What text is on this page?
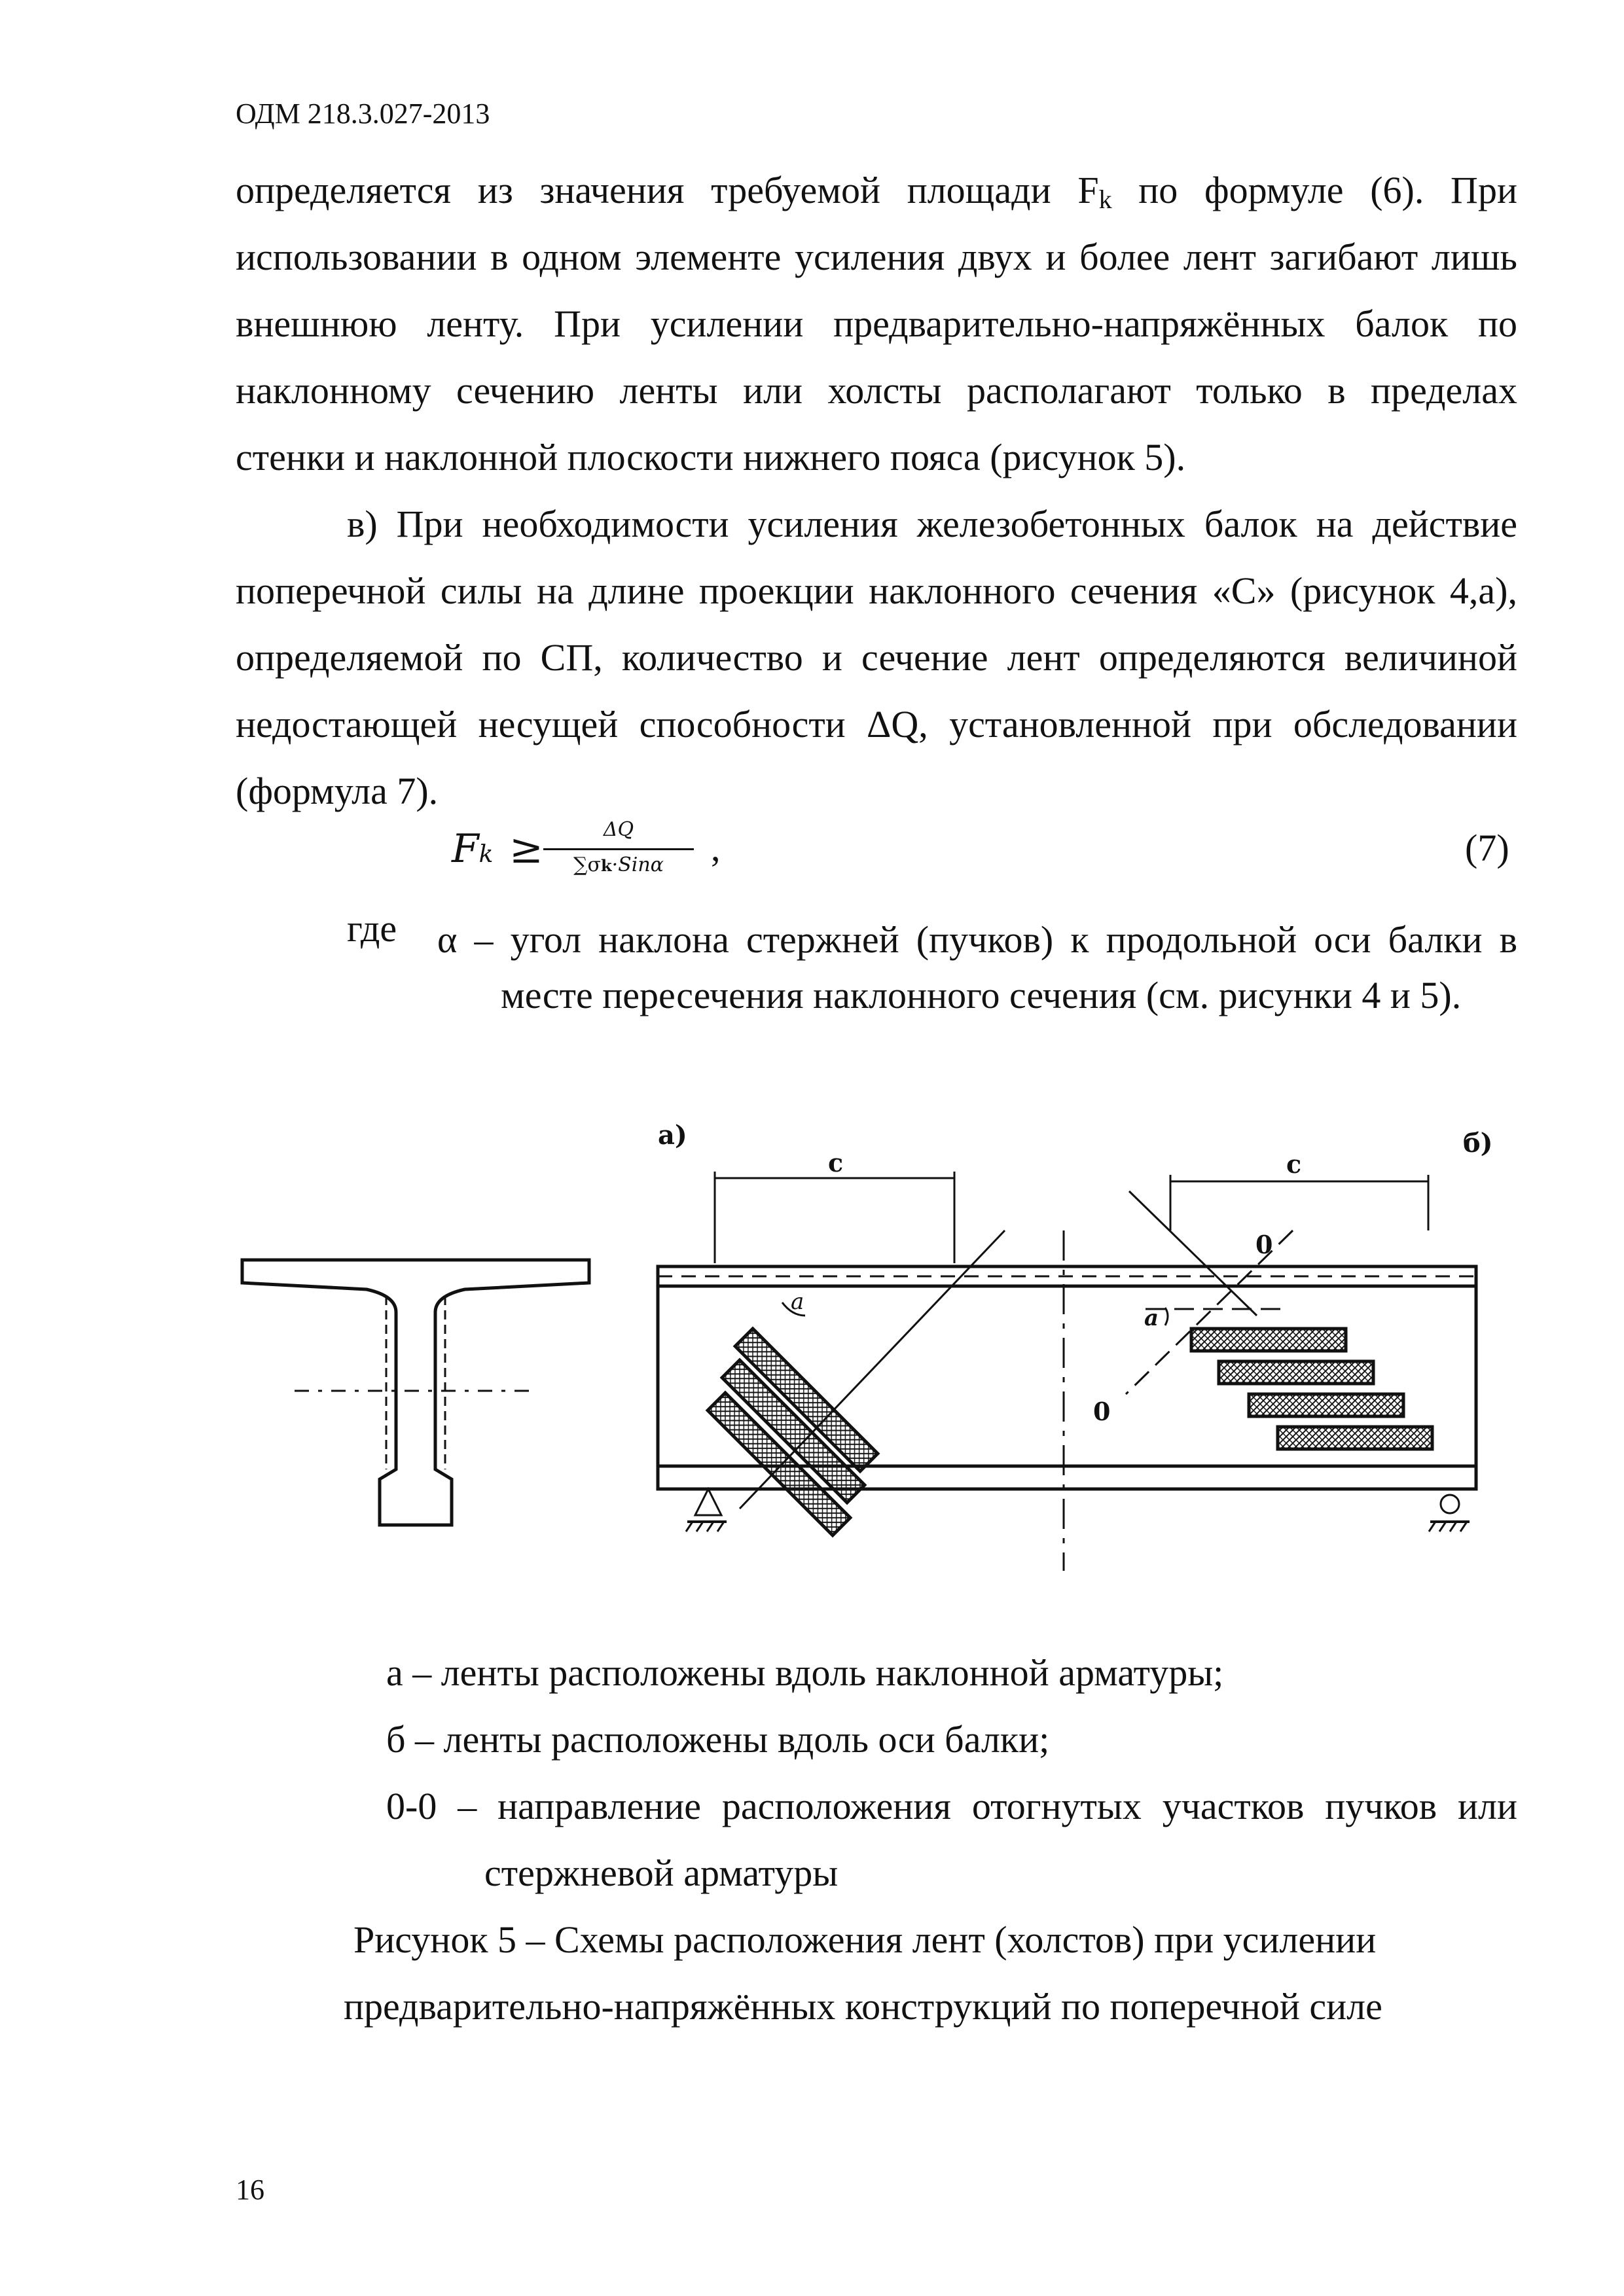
ОДМ 218.3.027-2013

определяется из значения требуемой площади $F_k$ по формуле (6). При

использовании в одном элементе усиления двух и более лент загибают лишь

внешнюю ленту. При усилении предварительно-напряжённых балок по

наклонному сечению ленты или холсты располагают только в пределах

стенки и наклонной плоскости нижнего пояса (рисунок 5).

в) При необходимости усиления железобетонных балок на действие

поперечной силы на длине проекции наклонного сечения «С» (рисунок 4,а),

определяемой по СП, количество и сечение лент определяются величиной

недостающей несущей способности ΔQ, установленной при обследовании

(формула 7).

Fk ≥	ΔQ
∑σk·Sinα	,	(7)
где α – угол наклона стержней (пучков) к продольной оси балки в

месте пересечения наклонного сечения (см. рисунки 4 и 5).

а)	б)
с	с
0
0
a
a

а – ленты расположены вдоль наклонной арматуры;

б – ленты расположены вдоль оси балки;

0-0 – направление расположения отогнутых участков пучков или

стержневой арматуры

Рисунок 5 – Схемы расположения лент (холстов) при усилении

предварительно-напряжённых конструкций по поперечной силе

16
